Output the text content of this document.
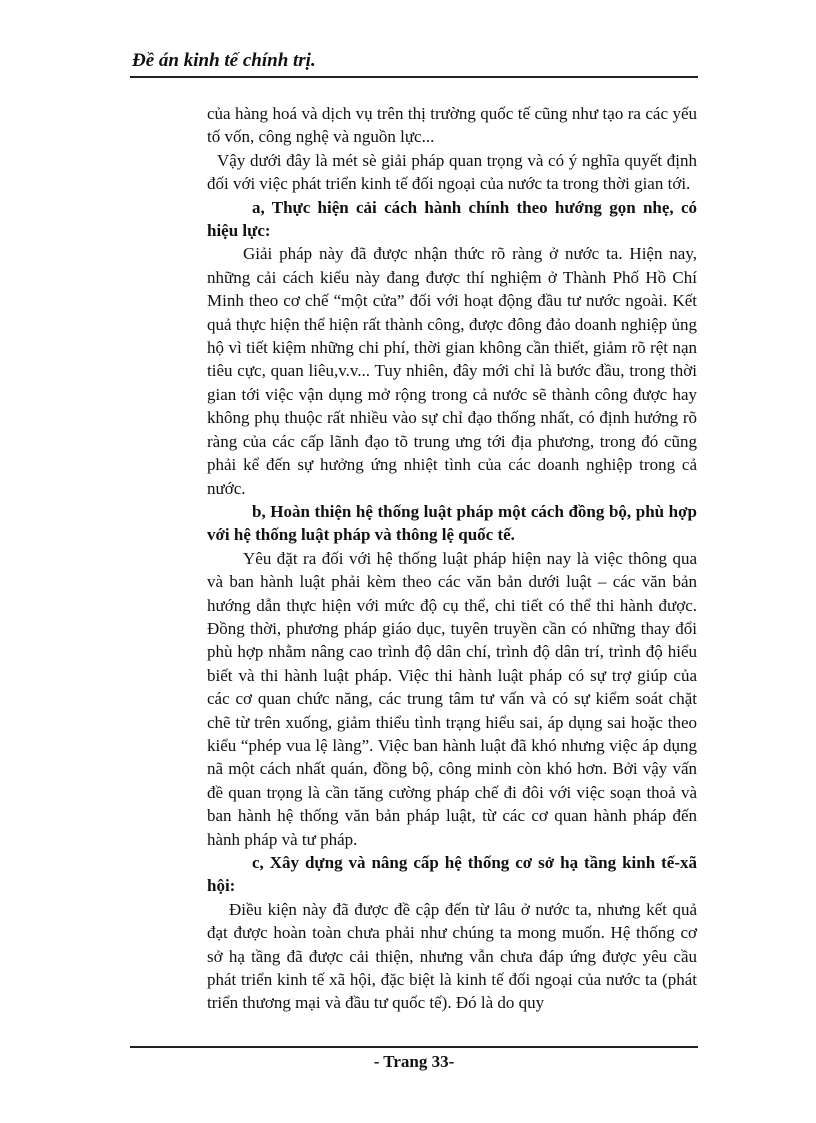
Đề án kinh tế chính trị.

của hàng hoá và dịch vụ trên thị trường quốc tế cũng như tạo ra các yếu tố vốn, công nghệ và nguồn lực...

Vậy dưới đây là mét sè giải pháp quan trọng và có ý nghĩa quyết định đối với việc phát triển kinh tế đối ngoại của nước ta trong thời gian tới.

a, Thực hiện cải cách hành chính theo hướng gọn nhẹ, có hiệu lực:

Giải pháp này đã được nhận thức rõ ràng ở nước ta. Hiện nay, những cải cách kiểu này đang được thí nghiệm ở Thành Phố Hồ Chí Minh theo cơ chế “một cửa” đối với hoạt động đầu tư nước ngoài. Kết quả thực hiện thể hiện rất thành công, được đông đảo doanh nghiệp ủng hộ vì tiết kiệm những chi phí, thời gian không cần thiết, giảm rõ rệt nạn tiêu cực, quan liêu,v.v... Tuy nhiên, đây mới chỉ là bước đầu, trong thời gian tới việc vận dụng mở rộng trong cả nước sẽ thành công được hay không phụ thuộc rất nhiều vào sự chỉ đạo thống nhất, có định hướng rõ ràng của các cấp lãnh đạo tõ trung ưng tới địa phương, trong đó cũng phải kể đến sự hưởng ứng nhiệt tình của các doanh nghiệp trong cả nước.

b, Hoàn thiện hệ thống luật pháp một cách đồng bộ, phù hợp với hệ thống luật pháp và thông lệ quốc tế.

Yêu đặt ra đối với hệ thống luật pháp hiện nay là việc thông qua và ban hành luật phải kèm theo các văn bản dưới luật – các văn bản hướng dẫn thực hiện với mức độ cụ thể, chi tiết có thể thi hành được. Đồng thời, phương pháp giáo dục, tuyên truyền cần có những thay đổi phù hợp nhằm nâng cao trình độ dân chí, trình độ dân trí, trình độ hiểu biết và thi hành luật pháp. Việc thi hành luật pháp có sự trợ giúp của các cơ quan chức năng, các trung tâm tư vấn và có sự kiểm soát chặt chẽ từ trên xuống, giảm thiểu tình trạng hiểu sai, áp dụng sai hoặc theo kiểu “phép vua lệ làng”. Việc ban hành luật đã khó nhưng việc áp dụng nã một cách nhất quán, đồng bộ, công minh còn khó hơn. Bởi vậy vấn đề quan trọng là cần tăng cường pháp chế đi đôi với việc soạn thoả và ban hành hệ thống văn bản pháp luật, từ các cơ quan hành pháp đến hành pháp và tư pháp.

c, Xây dựng và nâng cấp hệ thống cơ sở hạ tầng kinh tế-xã hội:

Điều kiện này đã được đề cập đến từ lâu ở nước ta, nhưng kết quả đạt được hoàn toàn chưa phải như chúng ta mong muốn. Hệ thống cơ sở hạ tầng đã được cải thiện, nhưng vẫn chưa đáp ứng được yêu cầu phát triển kinh tế xã hội, đặc biệt là kinh tế đối ngoại của nước ta (phát triển thương mại và đầu tư quốc tế). Đó là do quy

- Trang 33-
